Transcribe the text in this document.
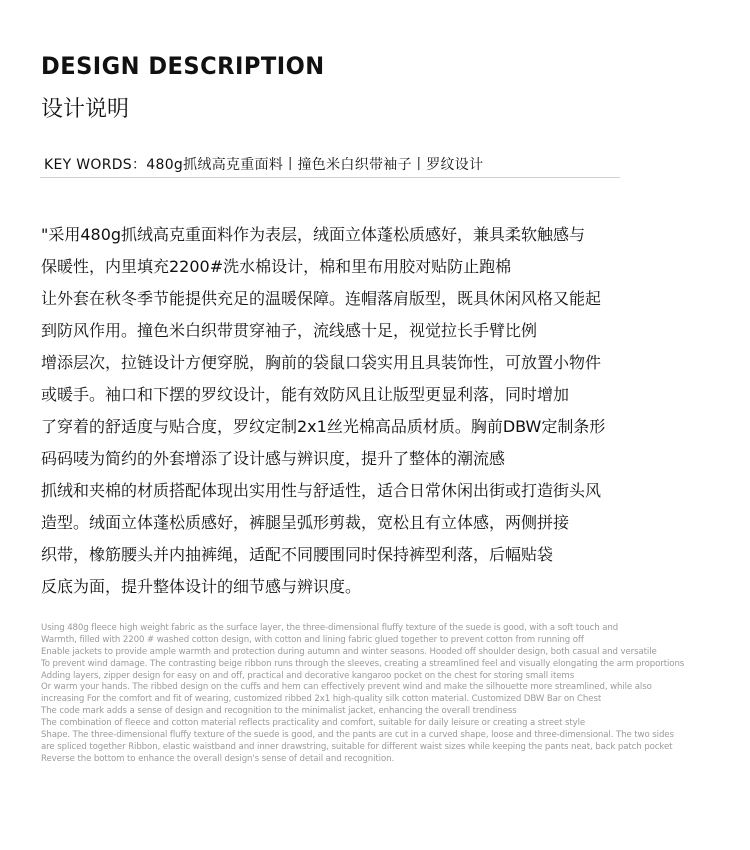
DESIGN DESCRIPTION
设计说明
KEY WORDS：480g抓绒高克重面料丨撞色米白织带袖子丨罗纹设计
"采用480g抓绒高克重面料作为表层，绒面立体蓬松质感好，兼具柔软触感与
保暖性，内里填充2200#洗水棉设计，棉和里布用胶对贴防止跑棉
让外套在秋冬季节能提供充足的温暖保障。连帽落肩版型，既具休闲风格又能起
到防风作用。撞色米白织带贯穿袖子，流线感十足，视觉拉长手臂比例
增添层次，拉链设计方便穿脱，胸前的袋鼠口袋实用且具装饰性，可放置小物件
或暖手。袖口和下摆的罗纹设计，能有效防风且让版型更显利落，同时增加
了穿着的舒适度与贴合度，罗纹定制2x1丝光棉高品质材质。胸前DBW定制条形
码码唛为简约的外套增添了设计感与辨识度，提升了整体的潮流感
抓绒和夹棉的材质搭配体现出实用性与舒适性，适合日常休闲出街或打造街头风
造型。绒面立体蓬松质感好，裤腿呈弧形剪裁，宽松且有立体感，两侧拼接
织带，橡筋腰头并内抽裤绳，适配不同腰围同时保持裤型利落，后幅贴袋
反底为面，提升整体设计的细节感与辨识度。
Using 480g fleece high weight fabric as the surface layer, the three-dimensional fluffy texture of the suede is good, with a soft touch and
Warmth, filled with 2200 # washed cotton design, with cotton and lining fabric glued together to prevent cotton from running off
Enable jackets to provide ample warmth and protection during autumn and winter seasons. Hooded off shoulder design, both casual and versatile
To prevent wind damage. The contrasting beige ribbon runs through the sleeves, creating a streamlined feel and visually elongating the arm proportions
Adding layers, zipper design for easy on and off, practical and decorative kangaroo pocket on the chest for storing small items
Or warm your hands. The ribbed design on the cuffs and hem can effectively prevent wind and make the silhouette more streamlined, while also
increasing For the comfort and fit of wearing, customized ribbed 2x1 high-quality silk cotton material. Customized DBW Bar on Chest
The code mark adds a sense of design and recognition to the minimalist jacket, enhancing the overall trendiness
The combination of fleece and cotton material reflects practicality and comfort, suitable for daily leisure or creating a street style
Shape. The three-dimensional fluffy texture of the suede is good, and the pants are cut in a curved shape, loose and three-dimensional. The two sides
are spliced together Ribbon, elastic waistband and inner drawstring, suitable for different waist sizes while keeping the pants neat, back patch pocket
Reverse the bottom to enhance the overall design's sense of detail and recognition.
